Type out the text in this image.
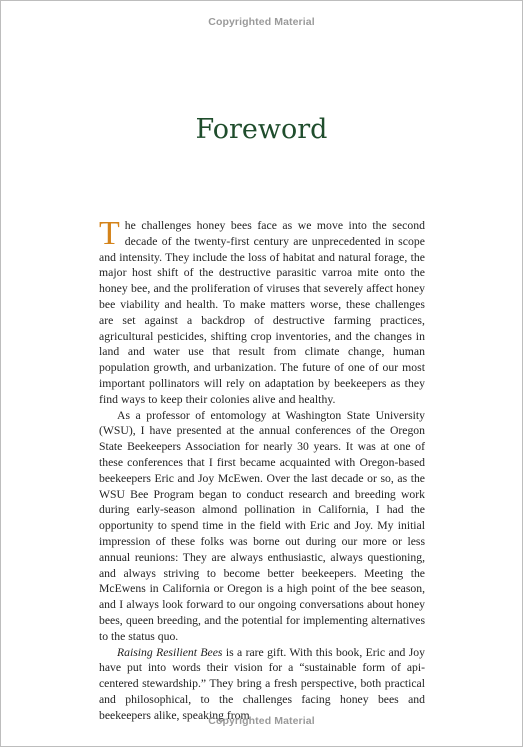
Copyrighted Material
Foreword

The challenges honey bees face as we move into the second decade of the twenty-first century are unprecedented in scope and intensity. They include the loss of habitat and natural forage, the major host shift of the destructive parasitic varroa mite onto the honey bee, and the proliferation of viruses that severely affect honey bee viability and health. To make matters worse, these challenges are set against a backdrop of destructive farming practices, agricultural pesticides, shifting crop inventories, and the changes in land and water use that result from climate change, human population growth, and urbanization. The future of one of our most important pollinators will rely on adaptation by beekeepers as they find ways to keep their colonies alive and healthy.

As a professor of entomology at Washington State University (WSU), I have presented at the annual conferences of the Oregon State Beekeepers Association for nearly 30 years. It was at one of these conferences that I first became acquainted with Oregon-based beekeepers Eric and Joy McEwen. Over the last decade or so, as the WSU Bee Program began to conduct research and breeding work during early-season almond pollination in California, I had the opportunity to spend time in the field with Eric and Joy. My initial impression of these folks was borne out during our more or less annual reunions: They are always enthusiastic, always questioning, and always striving to become better beekeepers. Meeting the McEwens in California or Oregon is a high point of the bee season, and I always look forward to our ongoing conversations about honey bees, queen breeding, and the potential for implementing alternatives to the status quo.

Raising Resilient Bees is a rare gift. With this book, Eric and Joy have put into words their vision for a “sustainable form of api-centered stewardship.” They bring a fresh perspective, both practical and philosophical, to the challenges facing honey bees and beekeepers alike, speaking from

Copyrighted Material
